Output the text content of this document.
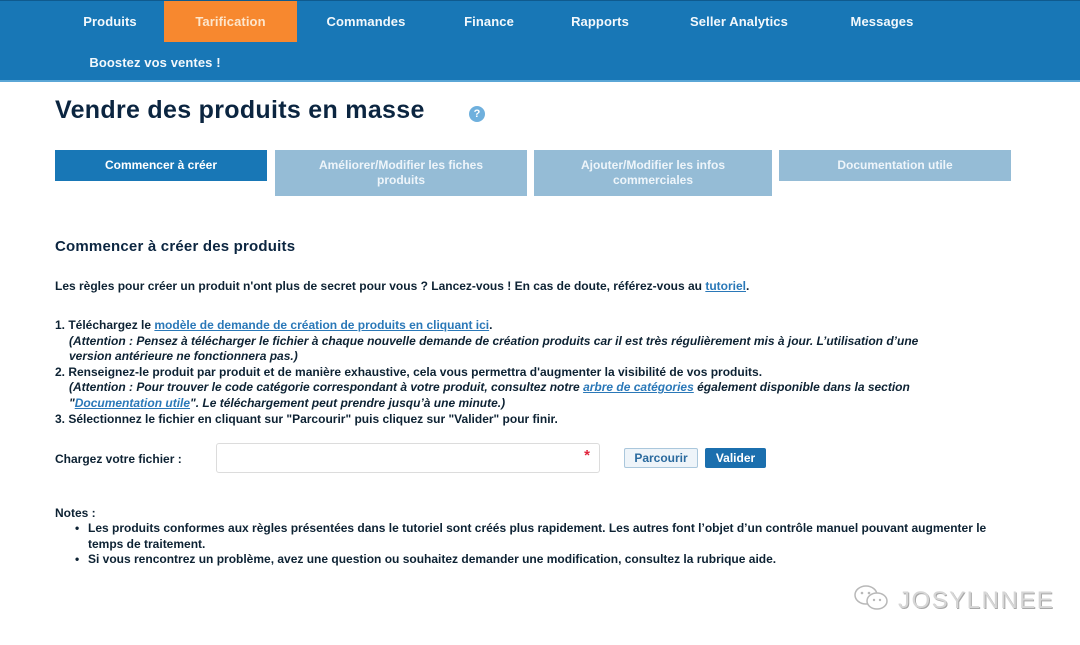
Produits	Tarification	Commandes	Finance	Rapports	Seller Analytics	Messages
Boostez vos ventes !
Vendre des produits en masse	?
Commencer à créer	Améliorer/Modifier les fiches produits
Ajouter/Modifier les infos commerciales
Documentation utile
Commencer à créer des produits

Les règles pour créer un produit n'ont plus de secret pour vous ? Lancez-vous ! En cas de doute, référez-vous au tutoriel.

1. Téléchargez le modèle de demande de création de produits en cliquant ici.
(Attention : Pensez à télécharger le fichier à chaque nouvelle demande de création produits car il est très régulièrement mis à jour. L’utilisation d’une
version antérieure ne fonctionnera pas.)
2. Renseignez-le produit par produit et de manière exhaustive, cela vous permettra d'augmenter la visibilité de vos produits.
(Attention : Pour trouver le code catégorie correspondant à votre produit, consultez notre arbre de catégories également disponible dans la section
"Documentation utile". Le téléchargement peut prendre jusqu’à une minute.)
3. Sélectionnez le fichier en cliquant sur "Parcourir" puis cliquez sur "Valider" pour finir.
Chargez votre fichier :	*	Parcourir	Valider
Notes :
• Les produits conformes aux règles présentées dans le tutoriel sont créés plus rapidement. Les autres font l’objet d’un contrôle manuel pouvant augmenter le temps de traitement.
• Si vous rencontrez un problème, avez une question ou souhaitez demander une modification, consultez la rubrique aide.
JOSYLNNEE
